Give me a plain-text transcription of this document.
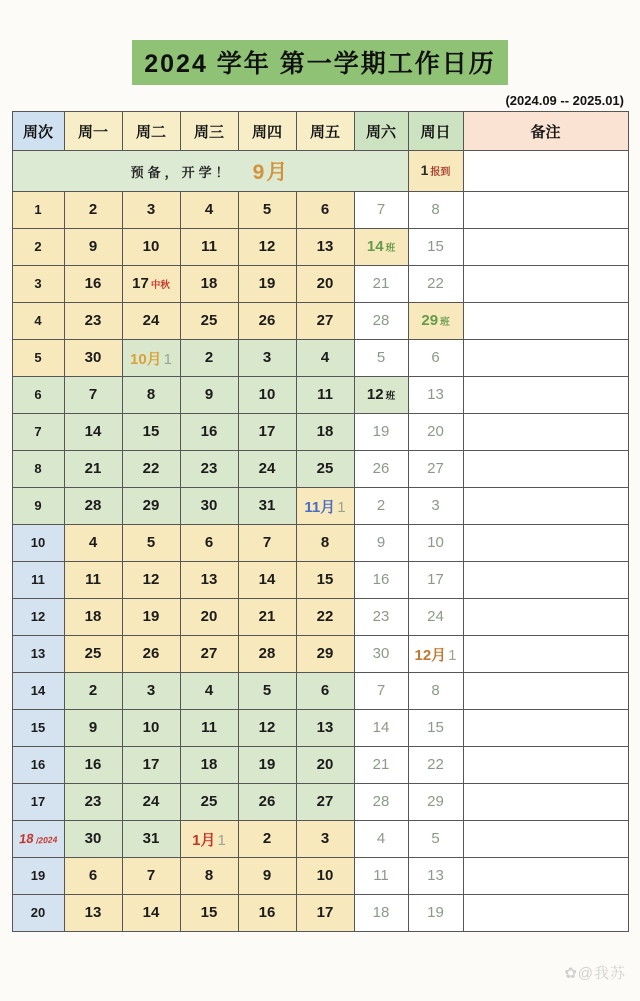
2024 学年 第一学期工作日历
(2024.09 -- 2025.01)
周次	周一	周二	周三	周四	周五	周六	周日	备注

预备，开学！ 9月							1 报到	
1	2	3	4	5	6	7	8	
2	9	10	11	12	13	14 班	15	
3	16	17 中秋	18	19	20	21	22	
4	23	24	25	26	27	28	29 班	
5	30	10月 1	2	3	4	5	6	
6	7	8	9	10	11	12 班	13	
7	14	15	16	17	18	19	20	
8	21	22	23	24	25	26	27	
9	28	29	30	31	11月 1	2	3	
10	4	5	6	7	8	9	10	
11	11	12	13	14	15	16	17	
12	18	19	20	21	22	23	24	
13	25	26	27	28	29	30	12月 1	
14	2	3	4	5	6	7	8	
15	9	10	11	12	13	14	15	
16	16	17	18	19	20	21	22	
17	23	24	25	26	27	28	29	
18/2024	30	31	1月 1	2	3	4	5	
19	6	7	8	9	10	11	13	
20	13	14	15	16	17	18	19	
✿@我苏
